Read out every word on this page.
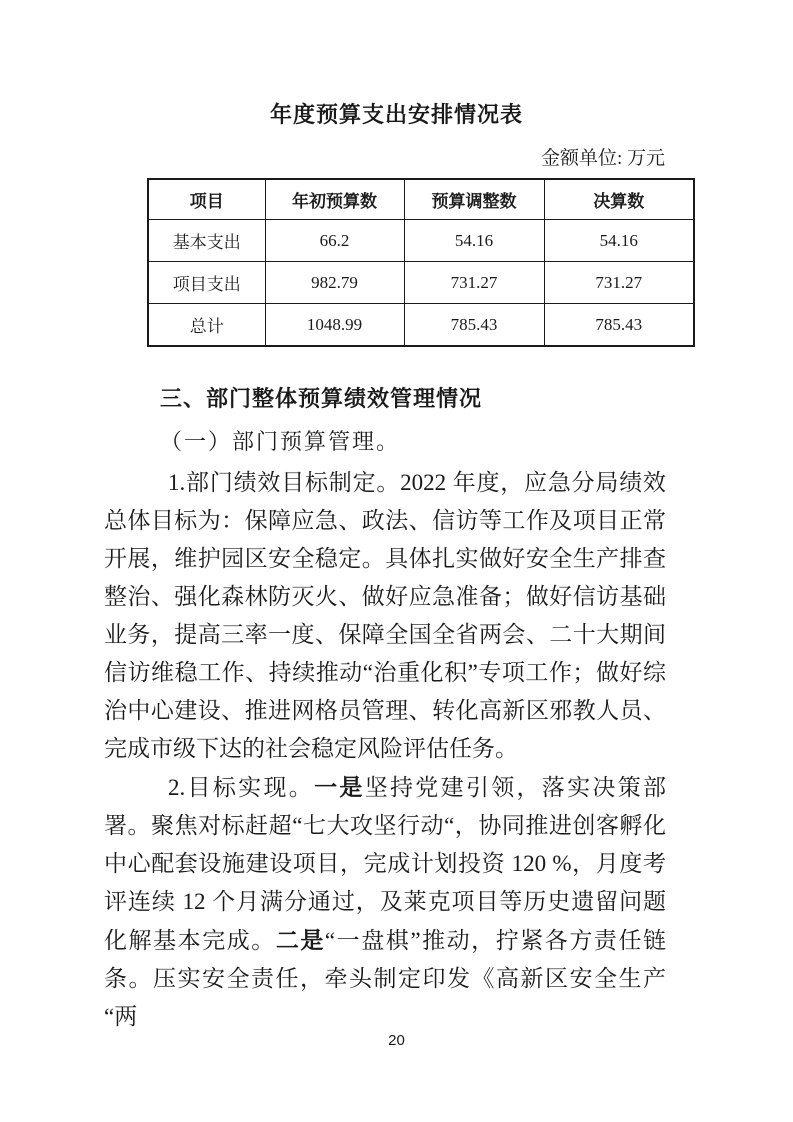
年度预算支出安排情况表
金额单位: 万元
项目	年初预算数	预算调整数	决算数
基本支出	66.2	54.16	54.16
项目支出	982.79	731.27	731.27
总计	1048.99	785.43	785.43
三、部门整体预算绩效管理情况

（一）部门预算管理。

1.部门绩效目标制定。2022 年度，应急分局绩效总体目标为：保障应急、政法、信访等工作及项目正常开展，维护园区安全稳定。具体扎实做好安全生产排查整治、强化森林防灭火、做好应急准备；做好信访基础业务，提高三率一度、保障全国全省两会、二十大期间信访维稳工作、持续推动“治重化积”专项工作；做好综治中心建设、推进网格员管理、转化高新区邪教人员、完成市级下达的社会稳定风险评估任务。

2.目标实现。一是坚持党建引领，落实决策部署。聚焦对标赶超“七大攻坚行动“，协同推进创客孵化中心配套设施建设项目，完成计划投资 120 %，月度考评连续 12 个月满分通过，及莱克项目等历史遗留问题化解基本完成。二是“一盘棋”推动，拧紧各方责任链条。压实安全责任，牵头制定印发《高新区安全生产“两

20
